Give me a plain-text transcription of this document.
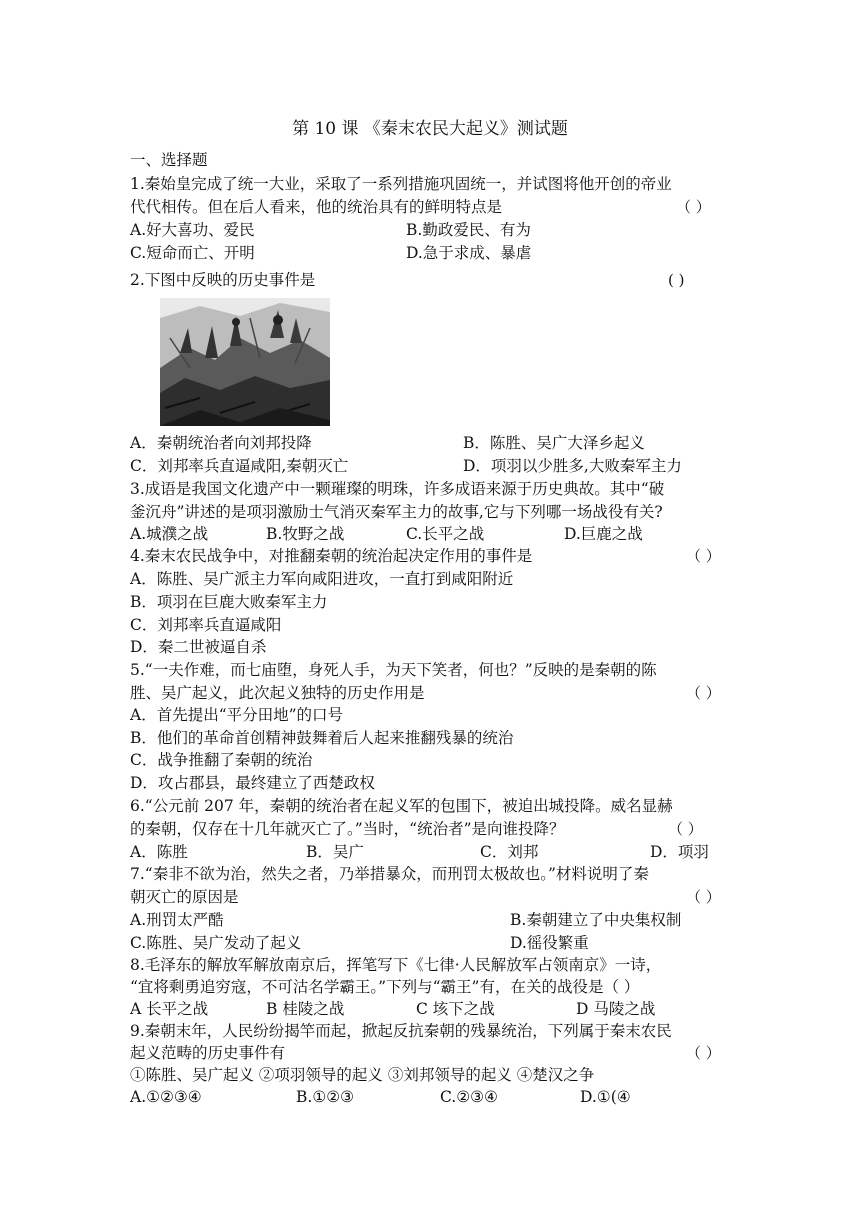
第 10 课 《秦末农民大起义》测试题
一、选择题
1.秦始皇完成了统一大业，采取了一系列措施巩固统一，并试图将他开创的帝业
代代相传。但在后人看来，他的统治具有的鲜明特点是	（ ）
A.好大喜功、爱民	B.勤政爱民、有为
C.短命而亡、开明	D.急于求成、暴虐
2.下图中反映的历史事件是	( )
A．秦朝统治者向刘邦投降	B．陈胜、吴广大泽乡起义
C．刘邦率兵直逼咸阳,秦朝灭亡	D．项羽以少胜多,大败秦军主力
3.成语是我国文化遗产中一颗璀璨的明珠，许多成语来源于历史典故。其中“破
釜沉舟”讲述的是项羽激励士气消灭秦军主力的故事,它与下列哪一场战役有关?
A.城濮之战	B.牧野之战	C.长平之战	D.巨鹿之战
4.秦末农民战争中，对推翻秦朝的统治起决定作用的事件是	（ ）
A．陈胜、吴广派主力军向咸阳进攻，一直打到咸阳附近
B．项羽在巨鹿大败秦军主力
C．刘邦率兵直逼咸阳
D．秦二世被逼自杀
5.“一夫作难，而七庙堕，身死人手，为天下笑者，何也？”反映的是秦朝的陈
胜、吴广起义，此次起义独特的历史作用是	（ ）
A．首先提出“平分田地”的口号
B．他们的革命首创精神鼓舞着后人起来推翻残暴的统治
C．战争推翻了秦朝的统治
D．攻占郡县，最终建立了西楚政权
6.“公元前 207 年，秦朝的统治者在起义军的包围下，被迫出城投降。威名显赫
的秦朝，仅存在十几年就灭亡了。”当时，“统治者”是向谁投降？	（ ）
A．陈胜	B．吴广	C．刘邦	D．项羽
7.“秦非不欲为治，然失之者，乃举措暴众，而刑罚太极故也。”材料说明了秦
朝灭亡的原因是	（ ）
A.刑罚太严酷	B.秦朝建立了中央集权制
C.陈胜、吴广发动了起义	D.徭役繁重
8.毛泽东的解放军解放南京后，挥笔写下《七律·人民解放军占领南京》一诗，
“宜将剩勇追穷寇，不可沽名学霸王。”下列与“霸王”有，在关的战役是（ ）
A 长平之战	B 桂陵之战	C 垓下之战	D 马陵之战
9.秦朝末年，人民纷纷揭竿而起，掀起反抗秦朝的残暴统治，下列属于秦末农民
起义范畴的历史事件有	（ ）
①陈胜、吴广起义 ②项羽领导的起义 ③刘邦领导的起义 ④楚汉之争
A.①②③④	B.①②③	C.②③④	D.①(④
